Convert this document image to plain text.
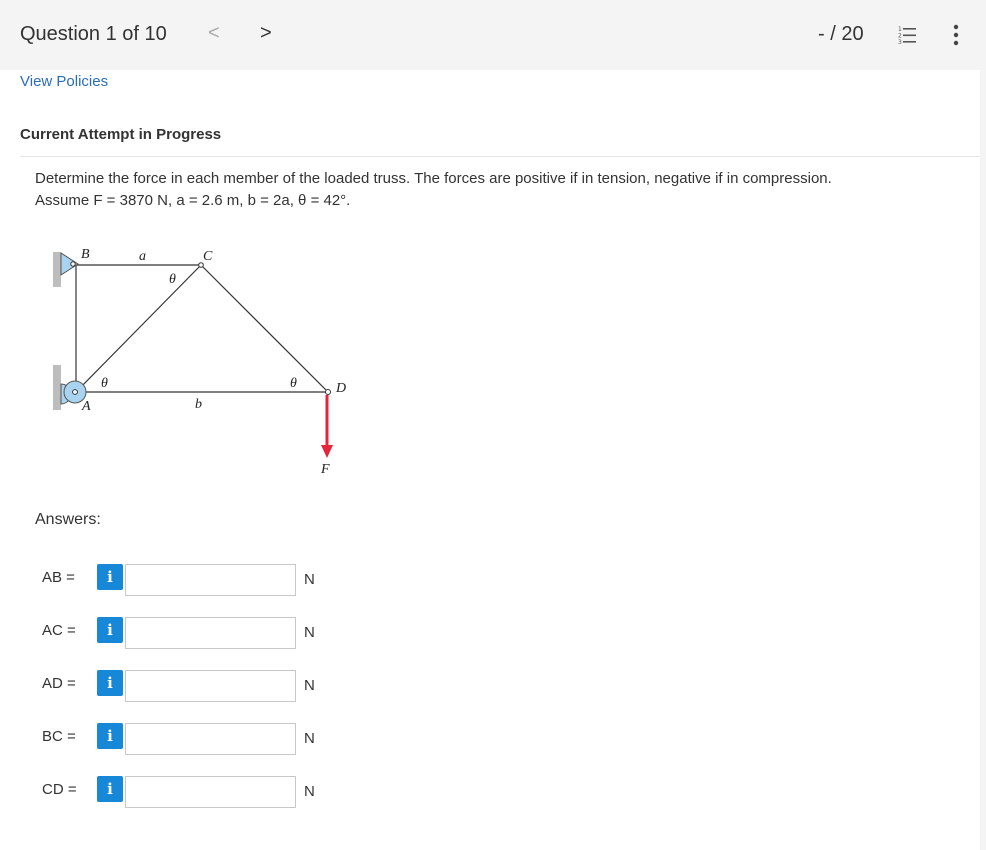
Question 1 of 10 < >	- / 20	1
2
3
View Policies
Current Attempt in Progress
Determine the force in each member of the loaded truss. The forces are positive if in tension, negative if in compression.
Assume F = 3870 N, a = 2.6 m, b = 2a, θ = 42°.
B	a	C
θ
θ	θ	D
A	b
F
Answers:
AB =	i	N
AC =	i	N
AD =	i	N
BC =	i	N
CD =	i	N
